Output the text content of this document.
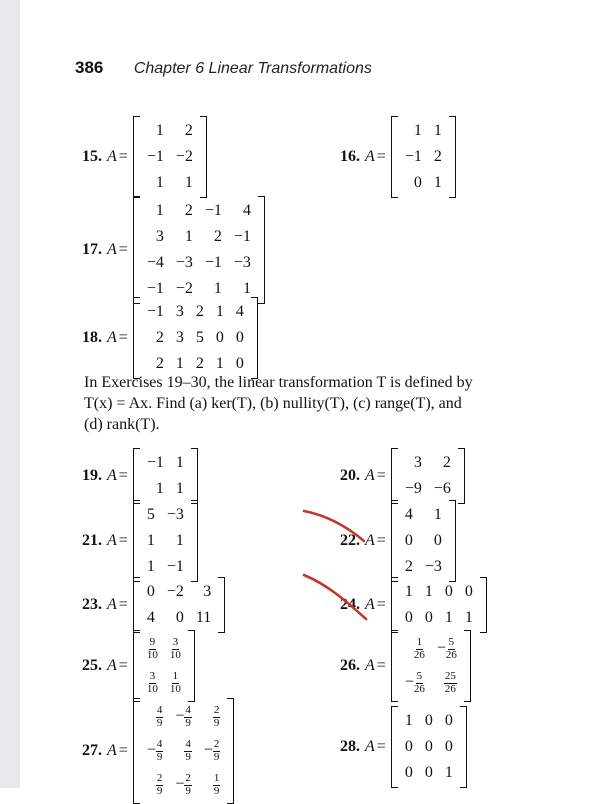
386 Chapter 6 Linear Transformations
15. A =
1	2
−1	−2
1	1
16. A =
1	1
−1	2
0	1
17. A =
1	2	−1	4
3	1	2	−1
−4	−3	−1	−3
−1	−2	1	1
18. A =
−1	3	2	1	4
2	3	5	0	0
2	1	2	1	0
In Exercises 19–30, the linear transformation T is defined by
T(x) = Ax. Find (a) ker(T), (b) nullity(T), (c) range(T), and
(d) rank(T).
19. A =
−1	1
1	1
20. A =
3	2
−9	−6
21. A =
5	−3
1	1
1	−1
22. A =
4	1
0	0
2	−3
23. A =
0	−2	3
4	0	11
24. A =
1	1	0	0
0	0	1	1
25. A =
$\frac{9}{10}$	$\frac{3}{10}$

$\frac{3}{10}$	$\frac{1}{10}$
26. A =
$\frac{1}{26}$	− $\frac{5}{26}$

− $\frac{5}{26}$	$\frac{25}{26}$
27. A =
$\frac{4}{9}$	− $\frac{4}{9}$	$\frac{2}{9}$

− $\frac{4}{9}$	$\frac{4}{9}$	− $\frac{2}{9}$

$\frac{2}{9}$	− $\frac{2}{9}$	$\frac{1}{9}$
28. A =
1	0	0
0	0	0
0	0	1
